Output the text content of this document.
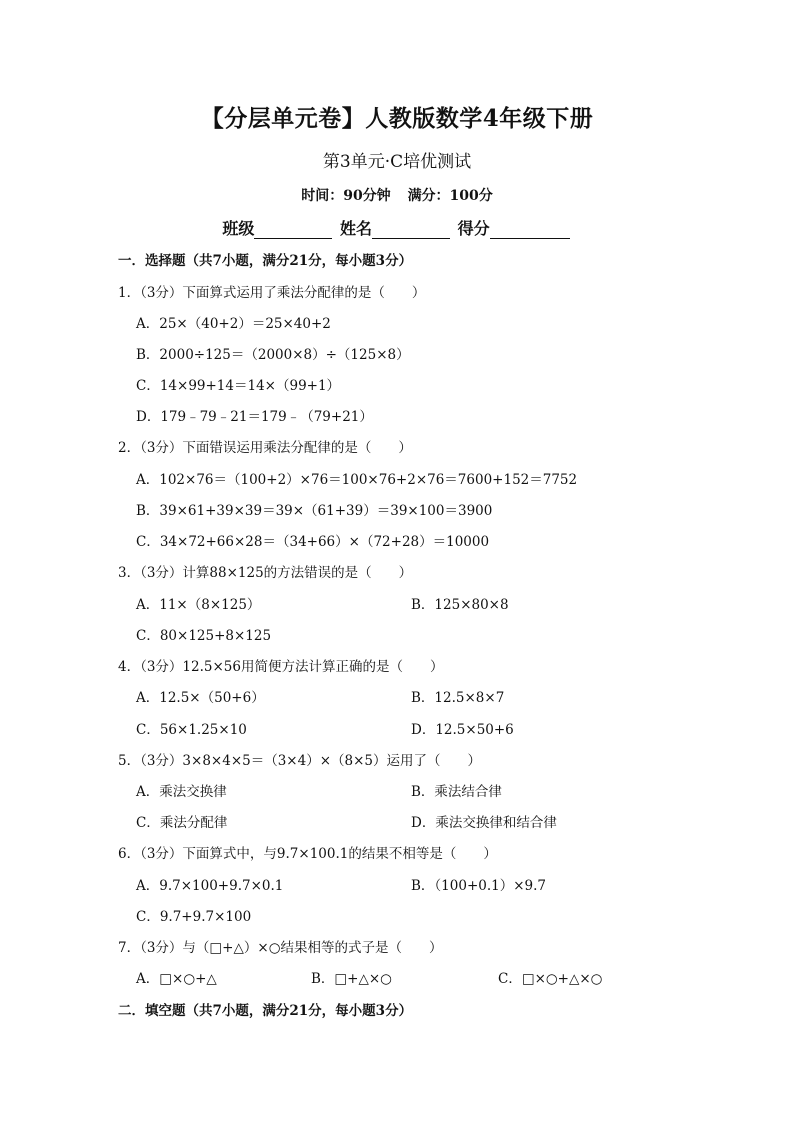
【分层单元卷】人教版数学4年级下册
第3单元·C培优测试
时间：90分钟 满分：100分
班级	姓名	得分
一．选择题（共7小题，满分21分，每小题3分）
1．（3分）下面算式运用了乘法分配律的是（　　）
A．25×（40+2）＝25×40+2
B．2000÷125＝（2000×8）÷（125×8）
C．14×99+14＝14×（99+1）
D．179﹣79﹣21＝179﹣（79+21）
2．（3分）下面错误运用乘法分配律的是（　　）
A．102×76＝（100+2）×76＝100×76+2×76＝7600+152＝7752
B．39×61+39×39＝39×（61+39）＝39×100＝3900
C．34×72+66×28＝（34+66）×（72+28）＝10000
3．（3分）计算88×125的方法错误的是（　　）
A．11×（8×125）	B．125×80×8
C．80×125+8×125
4．（3分）12.5×56用简便方法计算正确的是（　　）
A．12.5×（50+6）	B．12.5×8×7
C．56×1.25×10	D．12.5×50+6
5．（3分）3×8×4×5＝（3×4）×（8×5）运用了（　　）
A．乘法交换律	B．乘法结合律
C．乘法分配律	D．乘法交换律和结合律
6．（3分）下面算式中，与9.7×100.1的结果不相等是（　　）
A．9.7×100+9.7×0.1	B．（100+0.1）×9.7
C．9.7+9.7×100
7．（3分）与（□+△）×○结果相等的式子是（　　）
A．□×○+△	B．□+△×○	C．□×○+△×○
二．填空题（共7小题，满分21分，每小题3分）
